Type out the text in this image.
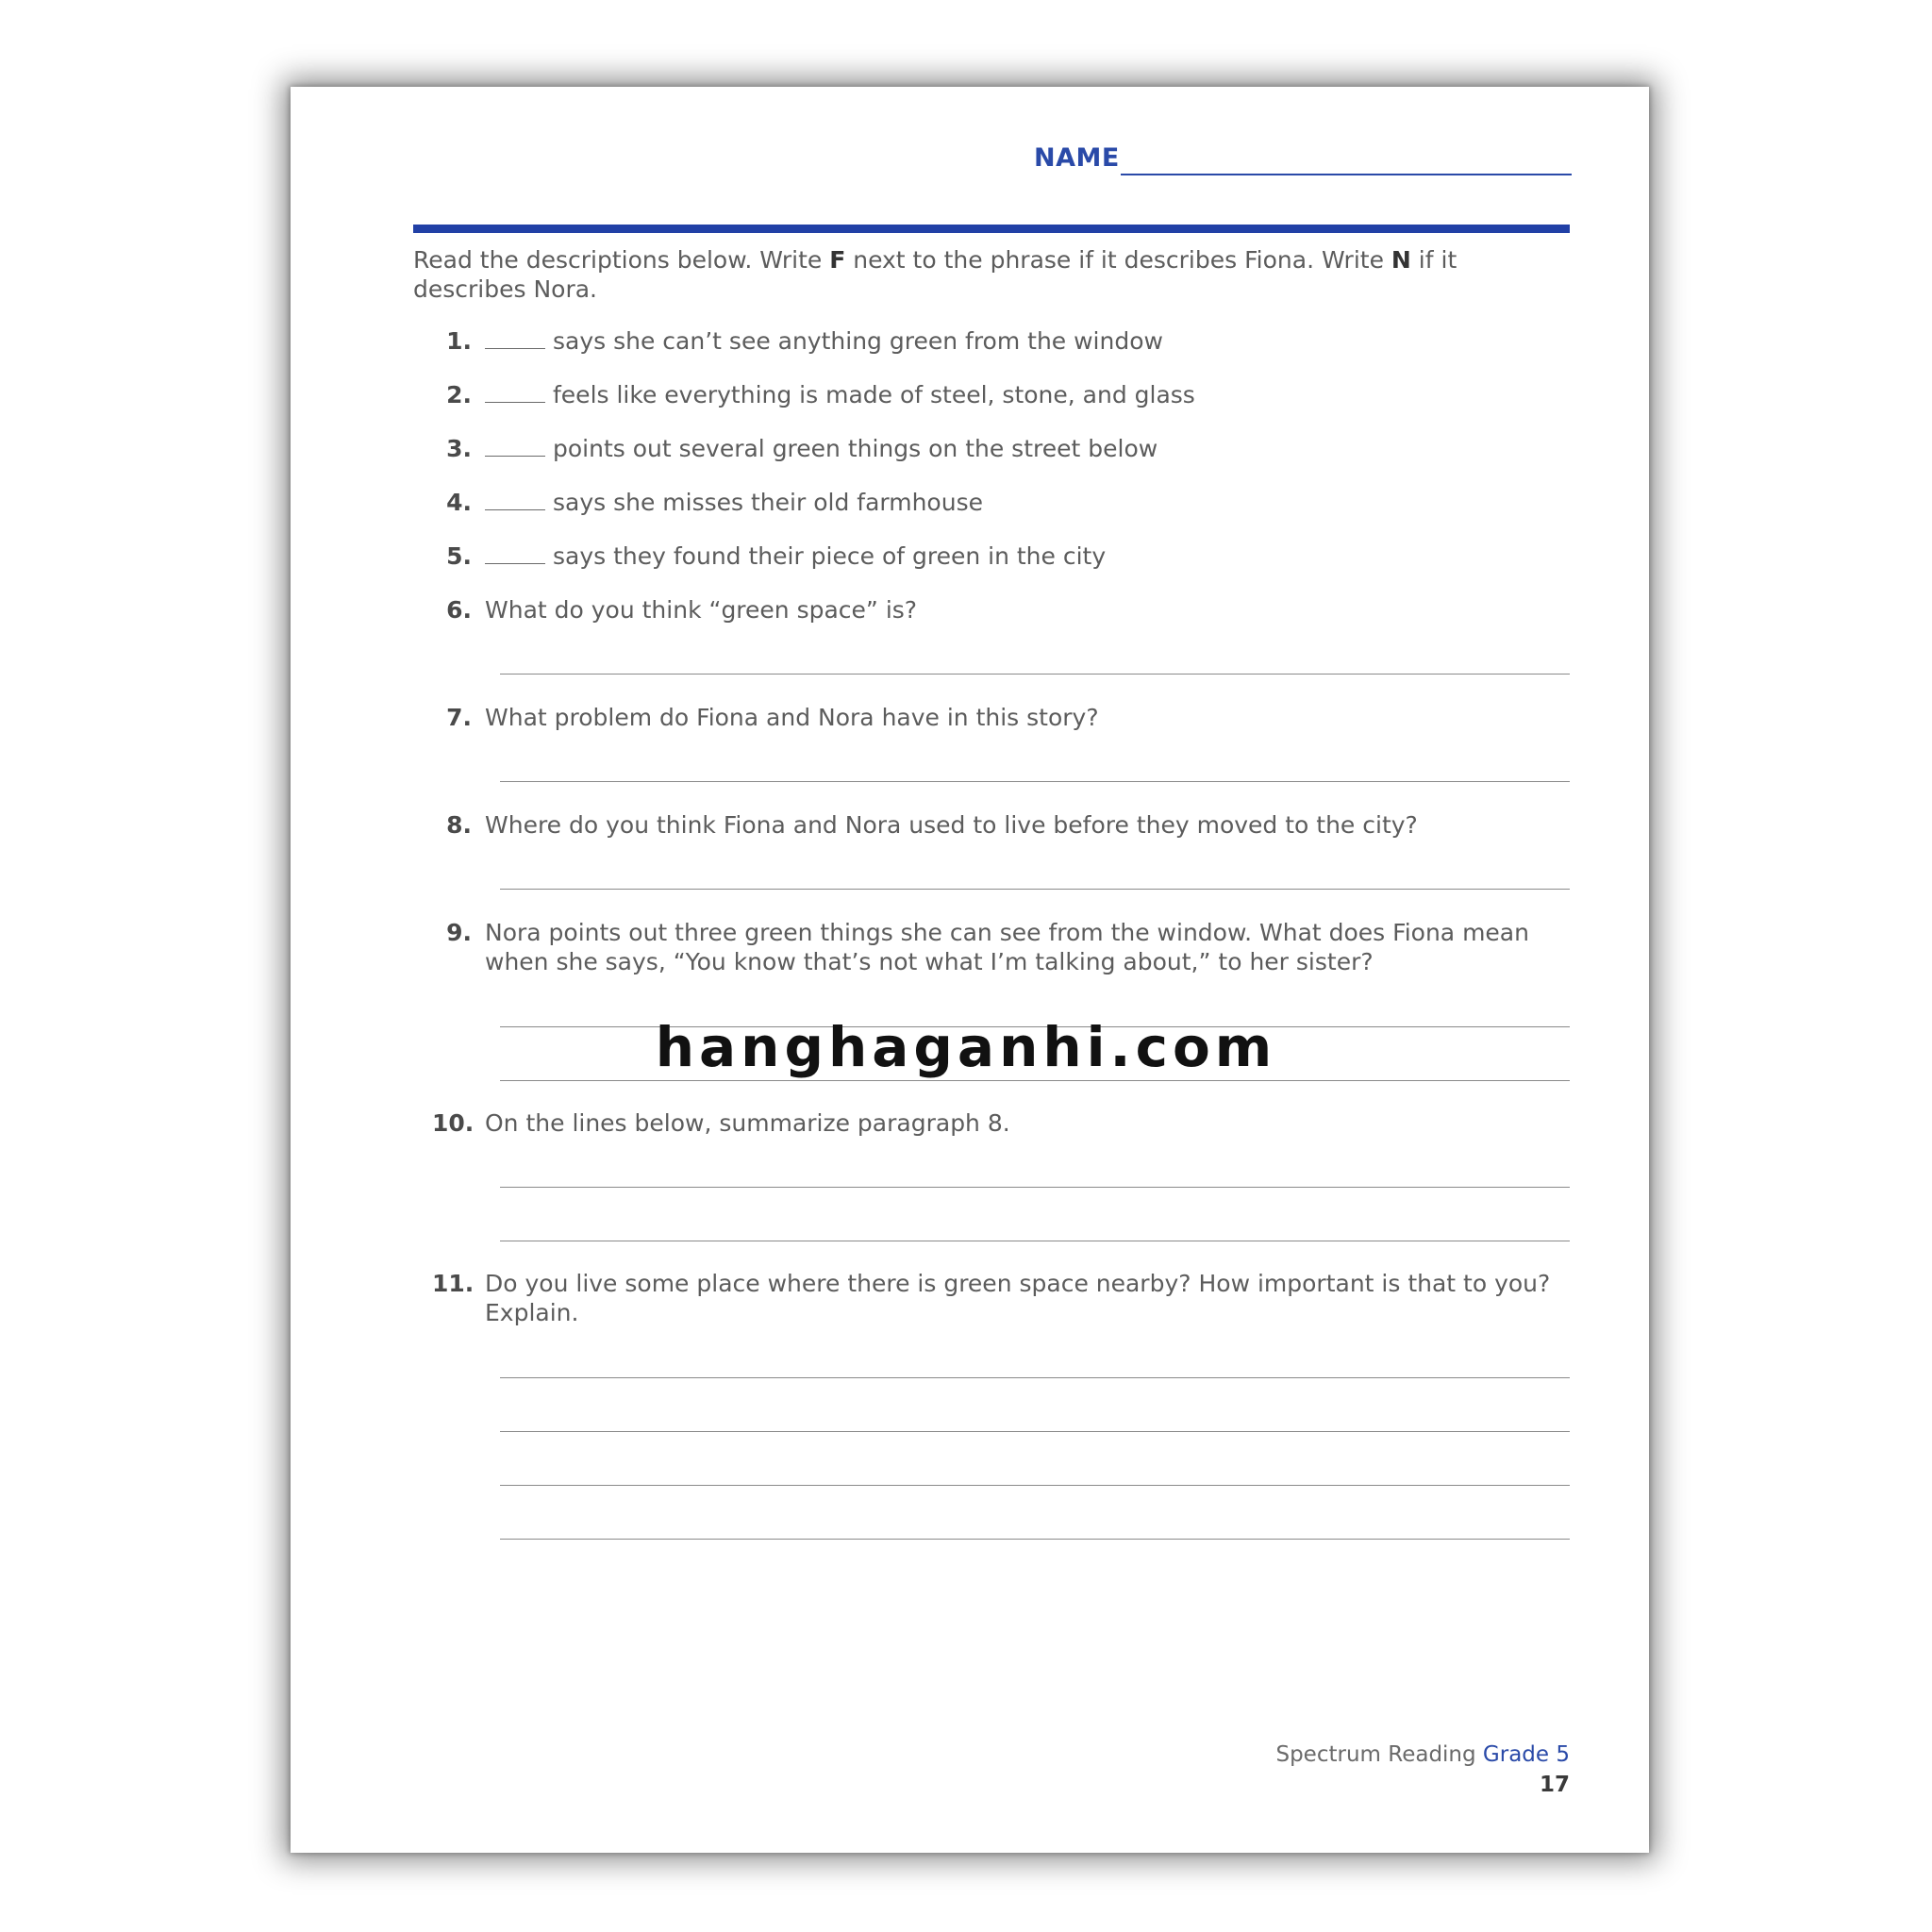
NAME
Read the descriptions below. Write F next to the phrase if it describes Fiona. Write N if it describes Nora.
1.	says she can’t see anything green from the window
2.	feels like everything is made of steel, stone, and glass
3.	points out several green things on the street below
4.	says she misses their old farmhouse
5.	says they found their piece of green in the city
6. What do you think “green space” is?
7. What problem do Fiona and Nora have in this story?
8. Where do you think Fiona and Nora used to live before they moved to the city?
9. Nora points out three green things she can see from the window. What does Fiona mean when she says, “You know that’s not what I’m talking about,” to her sister?
10. On the lines below, summarize paragraph 8.
11. Do you live some place where there is green space nearby? How important is that to you? Explain.
Spectrum Reading Grade 5
17
hanghaganhi.com
